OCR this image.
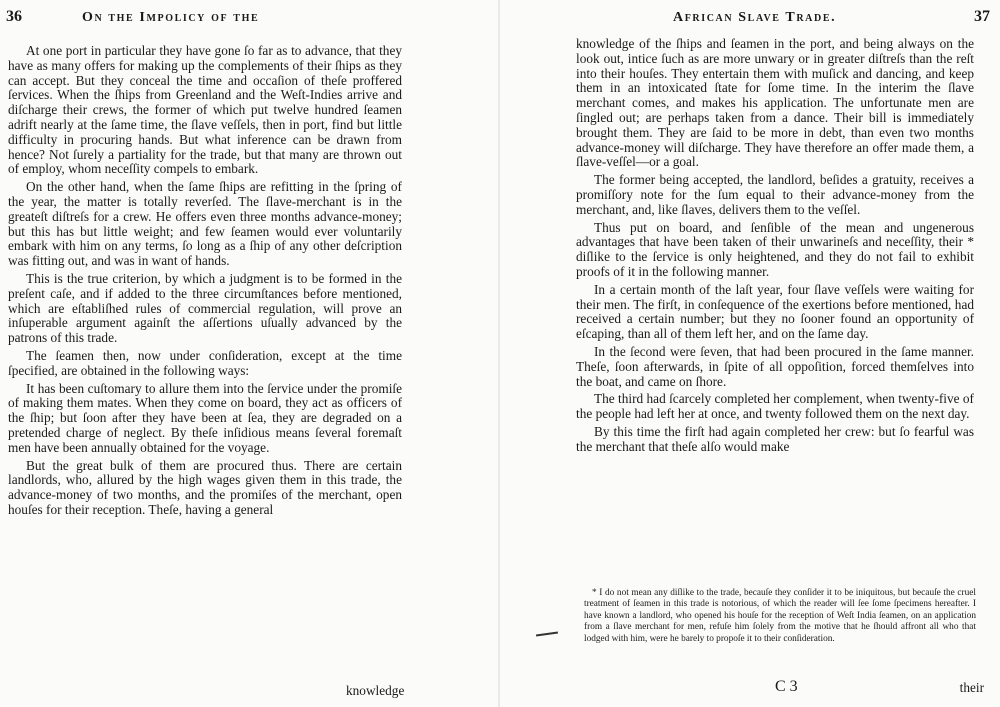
36	On the Impolicy of the

At one port in particular they have gone ſo far as to advance, that they have as many offers for making up the complements of their ſhips as they can accept. But they conceal the time and occaſion of theſe proffered ſervices. When the ſhips from Greenland and the Weſt-Indies arrive and diſcharge their crews, the former of which put twelve hundred ſeamen adrift nearly at the ſame time, the ſlave veſſels, then in port, find but little difficulty in procuring hands. But what inference can be drawn from hence? Not ſurely a partiality for the trade, but that many are thrown out of employ, whom neceſſity compels to embark.

On the other hand, when the ſame ſhips are refitting in the ſpring of the year, the matter is totally reverſed. The ſlave-merchant is in the greateſt diſtreſs for a crew. He offers even three months advance-money; but this has but little weight; and few ſeamen would ever voluntarily embark with him on any terms, ſo long as a ſhip of any other deſcription was fitting out, and was in want of hands.

This is the true criterion, by which a judgment is to be formed in the preſent caſe, and if added to the three circumſtances before mentioned, which are eſtabliſhed rules of commercial regulation, will prove an inſuperable argument againſt the aſſertions uſually advanced by the patrons of this trade.

The ſeamen then, now under conſideration, except at the time ſpecified, are obtained in the following ways:

It has been cuſtomary to allure them into the ſervice under the promiſe of making them mates. When they come on board, they act as officers of the ſhip; but ſoon after they have been at ſea, they are degraded on a pretended charge of neglect. By theſe inſidious means ſeveral foremaſt men have been annually obtained for the voyage.

But the great bulk of them are procured thus. There are certain landlords, who, allured by the high wages given them in this trade, the advance-money of two months, and the promiſes of the merchant, open houſes for their reception. Theſe, having a general

knowledge
African Slave Trade.	37

knowledge of the ſhips and ſeamen in the port, and being always on the look out, intice ſuch as are more unwary or in greater diſtreſs than the reſt into their houſes. They entertain them with muſick and dancing, and keep them in an intoxicated ſtate for ſome time. In the interim the ſlave merchant comes, and makes his application. The unfortunate men are ſingled out; are perhaps taken from a dance. Their bill is immediately brought them. They are ſaid to be more in debt, than even two months advance-money will diſcharge. They have therefore an offer made them, a ſlave-veſſel—or a goal.

The former being accepted, the landlord, beſides a gratuity, receives a promiſſory note for the ſum equal to their advance-money from the merchant, and, like ſlaves, delivers them to the veſſel.

Thus put on board, and ſenſible of the mean and ungenerous advantages that have been taken of their unwarineſs and neceſſity, their * diſlike to the ſervice is only heightened, and they do not fail to exhibit proofs of it in the following manner.

In a certain month of the laſt year, four ſlave veſſels were waiting for their men. The firſt, in conſequence of the exertions before mentioned, had received a certain number; but they no ſooner found an opportunity of eſcaping, than all of them left her, and on the ſame day.

In the ſecond were ſeven, that had been procured in the ſame manner. Theſe, ſoon afterwards, in ſpite of all oppoſition, forced themſelves into the boat, and came on ſhore.

The third had ſcarcely completed her complement, when twenty-five of the people had left her at once, and twenty followed them on the next day.

By this time the firſt had again completed her crew: but ſo fearful was the merchant that theſe alſo would make

* I do not mean any diſlike to the trade, becauſe they conſider it to be iniquitous, but becauſe the cruel treatment of ſeamen in this trade is notorious, of which the reader will ſee ſome ſpecimens hereafter. I have known a landlord, who opened his houſe for the reception of Weſt India ſeamen, on an application from a ſlave merchant for men, refuſe him ſolely from the motive that he ſhould affront all who that lodged with him, were he barely to propoſe it to their conſideration.

C 3	their
